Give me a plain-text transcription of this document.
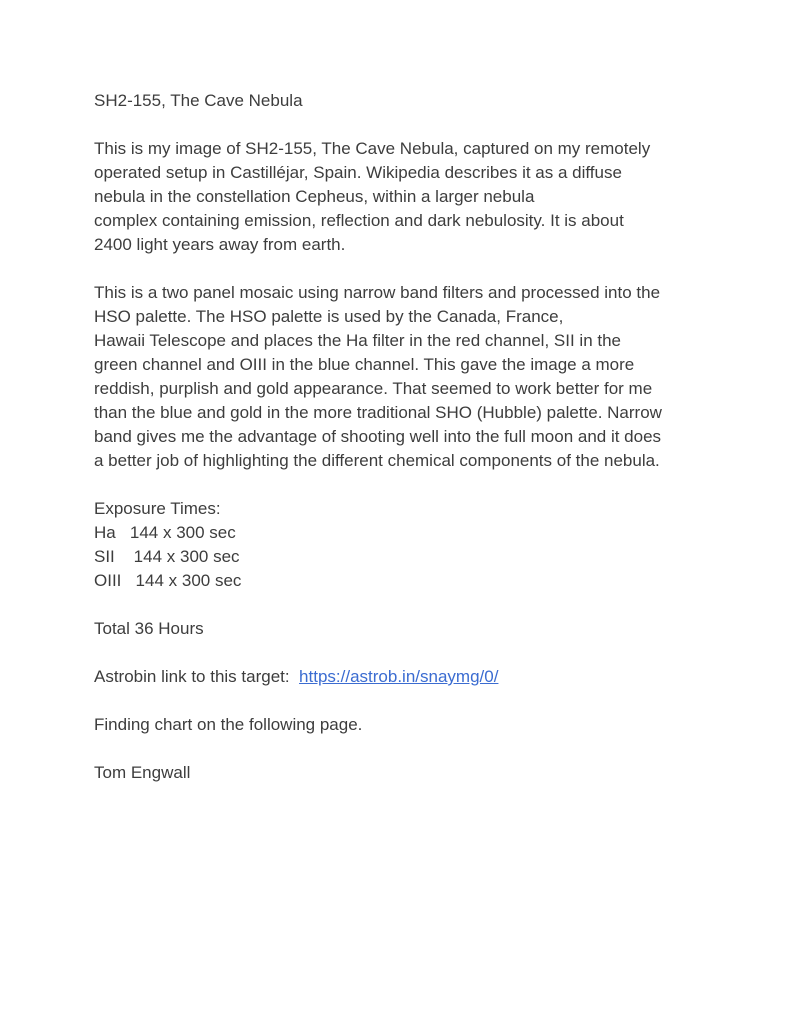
SH2-155, The Cave Nebula
This is my image of SH2-155, The Cave Nebula, captured on my remotely
operated setup in Castilléjar, Spain. Wikipedia describes it as a diffuse
nebula in the constellation Cepheus, within a larger nebula
complex containing emission, reflection and dark nebulosity. It is about
2400 light years away from earth.
This is a two panel mosaic using narrow band filters and processed into the
HSO palette. The HSO palette is used by the Canada, France,
Hawaii Telescope and places the Ha filter in the red channel, SII in the
green channel and OIII in the blue channel. This gave the image a more
reddish, purplish and gold appearance. That seemed to work better for me
than the blue and gold in the more traditional SHO (Hubble) palette. Narrow
band gives me the advantage of shooting well into the full moon and it does
a better job of highlighting the different chemical components of the nebula.
Exposure Times:
Ha   144 x 300 sec
SII    144 x 300 sec
OIII   144 x 300 sec
Total 36 Hours
Astrobin link to this target:  https://astrob.in/snaymg/0/
Finding chart on the following page.
Tom Engwall
